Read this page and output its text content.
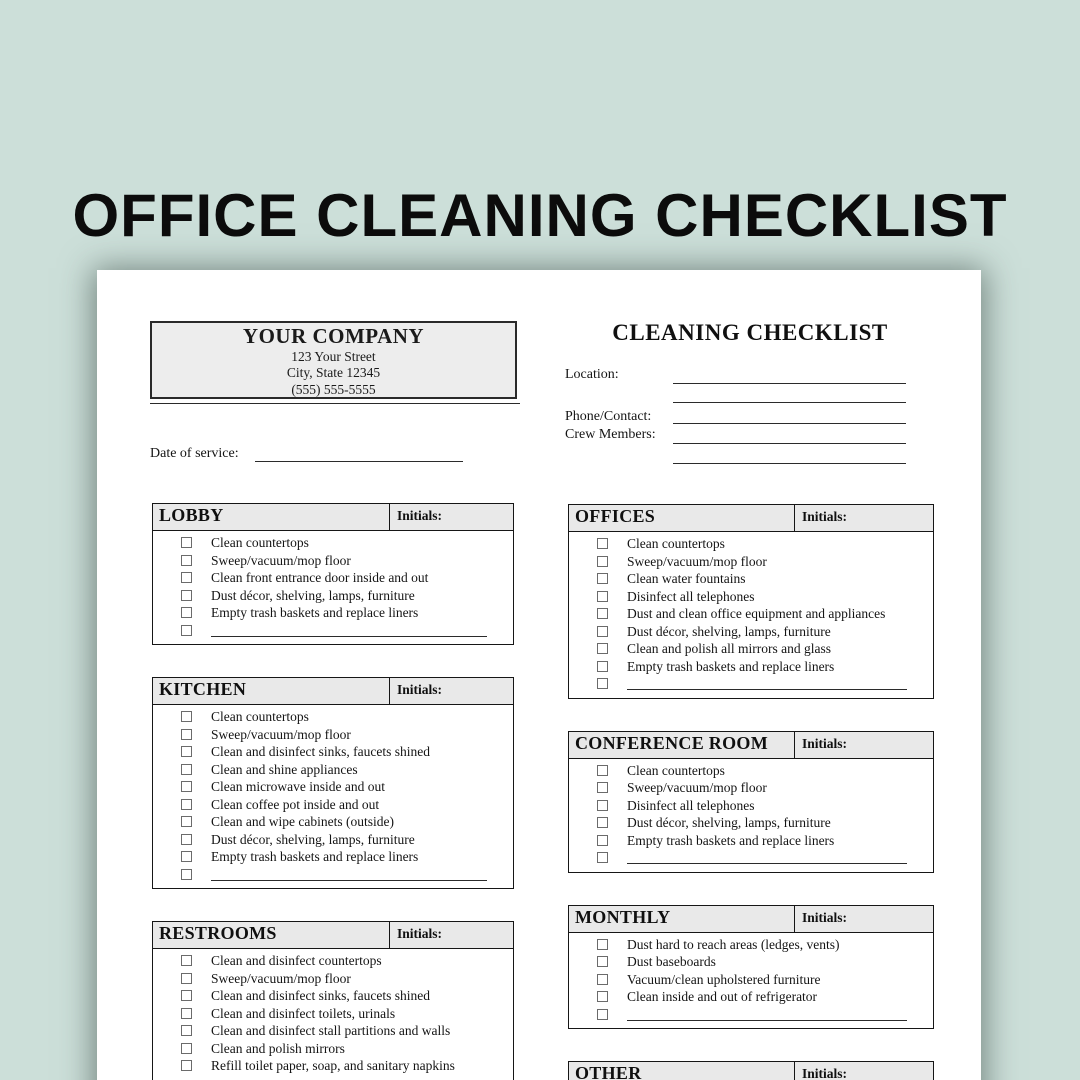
OFFICE CLEANING CHECKLIST
YOUR COMPANY
123 Your Street
City, State 12345
(555) 555-5555
Date of service:
CLEANING CHECKLIST
Location:
Phone/Contact:
Crew Members:
LOBBY	Initials:
Clean countertops
Sweep/vacuum/mop floor
Clean front entrance door inside and out
Dust décor, shelving, lamps, furniture
Empty trash baskets and replace liners
KITCHEN	Initials:
Clean countertops
Sweep/vacuum/mop floor
Clean and disinfect sinks, faucets shined
Clean and shine appliances
Clean microwave inside and out
Clean coffee pot inside and out
Clean and wipe cabinets (outside)
Dust décor, shelving, lamps, furniture
Empty trash baskets and replace liners
RESTROOMS	Initials:
Clean and disinfect countertops
Sweep/vacuum/mop floor
Clean and disinfect sinks, faucets shined
Clean and disinfect toilets, urinals
Clean and disinfect stall partitions and walls
Clean and polish mirrors
Refill toilet paper, soap, and sanitary napkins
OFFICES	Initials:
Clean countertops
Sweep/vacuum/mop floor
Clean water fountains
Disinfect all telephones
Dust and clean office equipment and appliances
Dust décor, shelving, lamps, furniture
Clean and polish all mirrors and glass
Empty trash baskets and replace liners
CONFERENCE ROOM	Initials:
Clean countertops
Sweep/vacuum/mop floor
Disinfect all telephones
Dust décor, shelving, lamps, furniture
Empty trash baskets and replace liners
MONTHLY	Initials:
Dust hard to reach areas (ledges, vents)
Dust baseboards
Vacuum/clean upholstered furniture
Clean inside and out of refrigerator
OTHER	Initials:
